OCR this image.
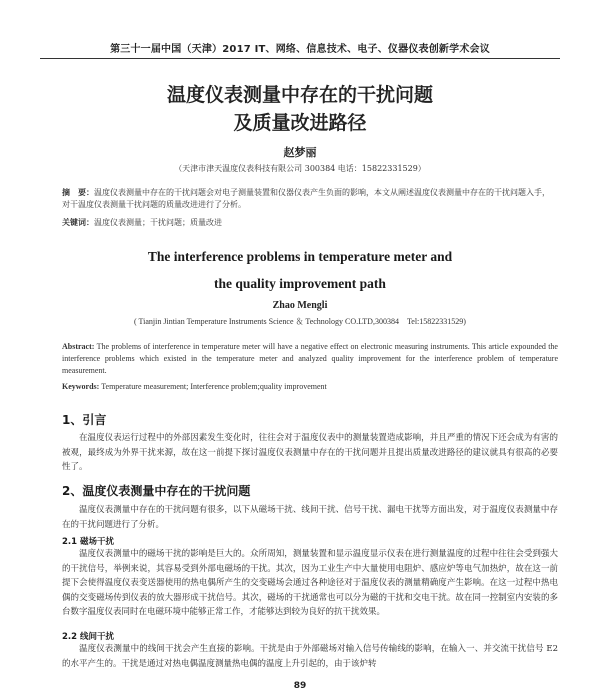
第三十一届中国（天津）2017 IT、网络、信息技术、电子、仪器仪表创新学术会议
温度仪表测量中存在的干扰问题
及质量改进路径
赵梦丽
（天津市津天温度仪表科技有限公司 300384 电话：15822331529）
摘　要：温度仪表测量中存在的干扰问题会对电子测量装置和仪器仪表产生负面的影响，本文从阐述温度仪表测量中存在的干扰问题入手，对干温度仪表测量干扰问题的质量改进进行了分析。
关键词：温度仪表测量；干扰问题；质量改进
The interference problems in temperature meter and
the quality improvement path
Zhao Mengli
( Tianjin Jintian Temperature Instruments Science ＆ Technology CO.LTD,300384　Tel:15822331529)
Abstract: The problems of interference in temperature meter will have a negative effect on electronic measuring instruments. This article expounded the interference problems which existed in the temperature meter and analyzed quality improvement for the interference problem of temperature measurement.
Keywords: Temperature measurement; Interference problem;quality improvement
1、引言
在温度仪表运行过程中的外部因素发生变化时，往往会对于温度仪表中的测量装置造成影响，并且严重的情况下还会成为有害的被观，最终成为外界干扰来源，故在这一前提下探讨温度仪表测量中存在的干扰问题并且提出质量改进路径的建议就具有很高的必要性了。
2、温度仪表测量中存在的干扰问题
温度仪表测量中存在的干扰问题有很多，以下从磁场干扰、线间干扰、信号干扰、漏电干扰等方面出发，对于温度仪表测量中存在的干扰问题进行了分析。
2.1 磁场干扰
温度仪表测量中的磁场干扰的影响是巨大的。众所周知，测量装置和显示温度显示仪表在进行测量温度的过程中往往会受到强大的干扰信号，举例来说，其容易受到外部电磁场的干扰。其次，因为工业生产中大量使用电阻炉、感应炉等电气加热炉，故在这一前提下会使得温度仪表变送器使用的热电偶所产生的交变磁场会通过各种途径对于温度仪表的测量精确度产生影响。在这一过程中热电偶的交变磁场传到仪表的放大器形成干扰信号。其次，磁场的干扰通常也可以分为磁的干扰和交电干扰。故在同一控制室内安装的多台数字温度仪表同时在电磁环境中能够正常工作，才能够达到较为良好的抗干扰效果。
2.2 线间干扰
温度仪表测量中的线间干扰会产生直接的影响。干扰是由于外部磁场对输入信号传输线的影响，在输入一、并交流干扰信号 E2 的水平产生的。干扰是通过对热电偶温度测量热电偶的温度上升引起的，由于该炉转
89
